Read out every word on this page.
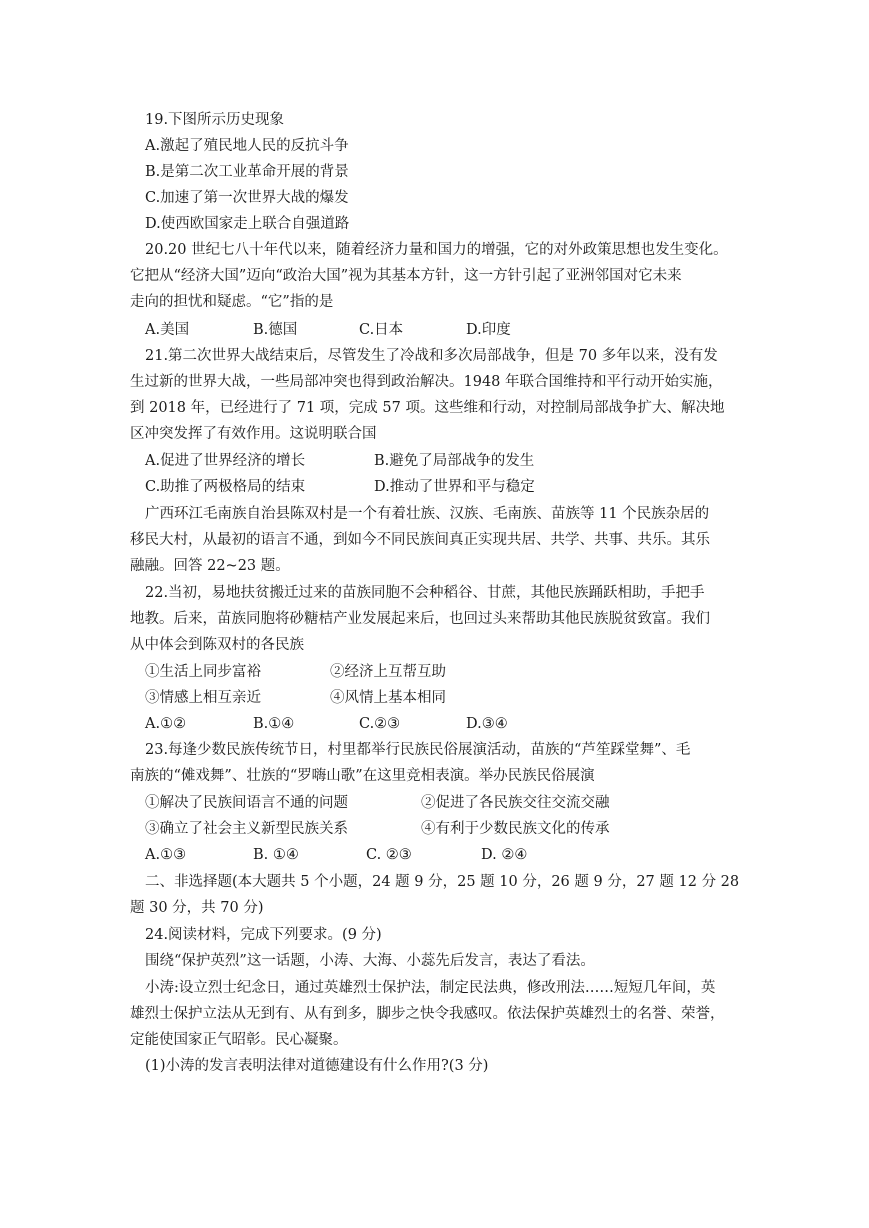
19.下图所示历史现象
A.激起了殖民地人民的反抗斗争
B.是第二次工业革命开展的背景
C.加速了第一次世界大战的爆发
D.使西欧国家走上联合自强道路
20.20 世纪七八十年代以来，随着经济力量和国力的增强，它的对外政策思想也发生变化。
它把从“经济大国”迈向“政治大国”视为其基本方针，这一方针引起了亚洲邻国对它未来
走向的担忧和疑虑。“它”指的是
A.美国	B.德国	C.日本	D.印度
21.第二次世界大战结束后，尽管发生了冷战和多次局部战争，但是 70 多年以来，没有发
生过新的世界大战，一些局部冲突也得到政治解决。1948 年联合国维持和平行动开始实施，
到 2018 年，已经进行了 71 项，完成 57 项。这些维和行动，对控制局部战争扩大、解决地
区冲突发挥了有效作用。这说明联合国
A.促进了世界经济的增长	B.避免了局部战争的发生
C.助推了两极格局的结束	D.推动了世界和平与稳定
广西环江毛南族自治县陈双村是一个有着壮族、汉族、毛南族、苗族等 11 个民族杂居的
移民大村，从最初的语言不通，到如今不同民族间真正实现共居、共学、共事、共乐。其乐
融融。回答 22~23 题。
22.当初，易地扶贫搬迁过来的苗族同胞不会种稻谷、甘蔗，其他民族踊跃相助，手把手
地教。后来，苗族同胞将砂糖桔产业发展起来后，也回过头来帮助其他民族脱贫致富。我们
从中体会到陈双村的各民族
①生活上同步富裕	②经济上互帮互助
③情感上相互亲近	④风情上基本相同
A.①②	B.①④	C.②③	D.③④
23.每逢少数民族传统节日，村里都举行民族民俗展演活动，苗族的“芦笙踩堂舞”、毛
南族的“傩戏舞”、壮族的“罗嗨山歌”在这里竞相表演。举办民族民俗展演
①解决了民族间语言不通的问题	②促进了各民族交往交流交融
③确立了社会主义新型民族关系	④有利于少数民族文化的传承
A.①③	B. ①④	C. ②③	D. ②④
二、非选择题(本大题共 5 个小题，24 题 9 分，25 题 10 分，26 题 9 分，27 题 12 分 28
题 30 分，共 70 分)
24.阅读材料，完成下列要求。(9 分)
围绕“保护英烈”这一话题，小涛、大海、小蕊先后发言，表达了看法。
小涛:设立烈士纪念日，通过英雄烈士保护法，制定民法典，修改刑法……短短几年间，英
雄烈士保护立法从无到有、从有到多，脚步之快令我感叹。依法保护英雄烈士的名誉、荣誉，
定能使国家正气昭彰。民心凝聚。
(1)小涛的发言表明法律对道德建设有什么作用?(3 分)
